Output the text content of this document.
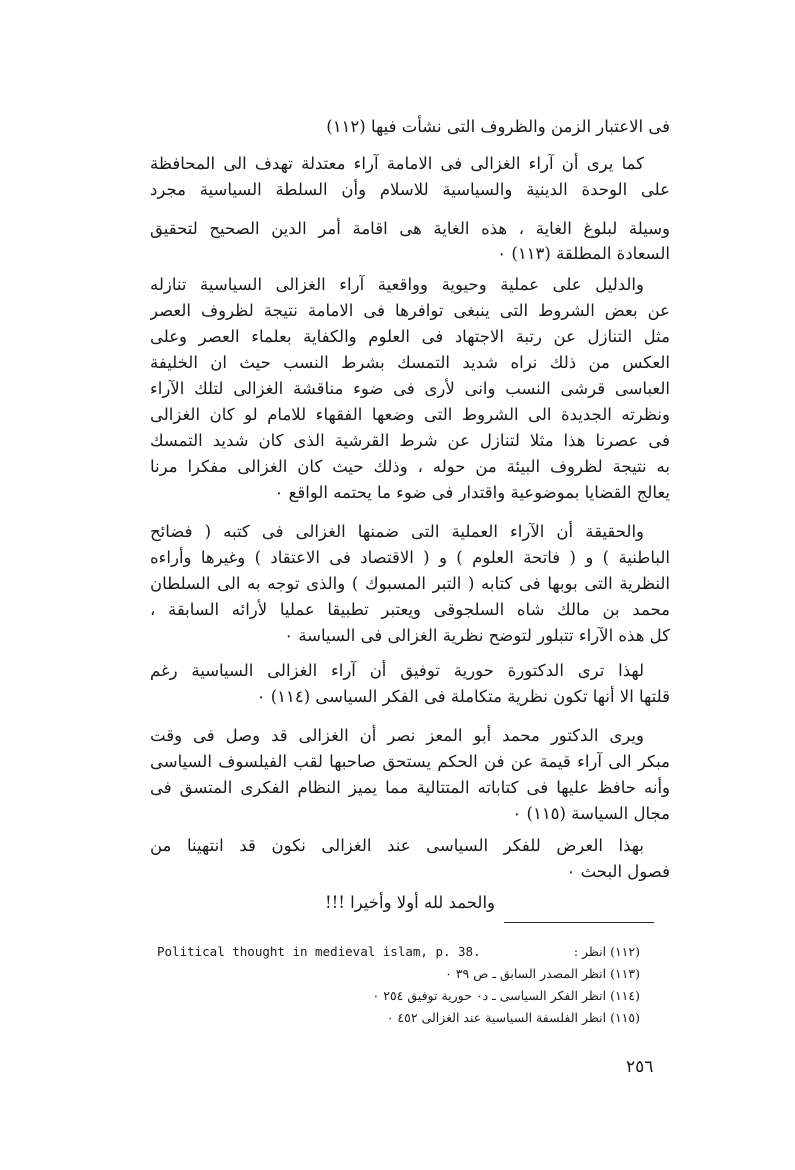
فى الاعتبار الزمن والظروف التى نشأت فيها (١١٢)

كما يرى أن آراء الغزالى فى الامامة آراء معتدلة تهدف الى المحافظة

على الوحدة الدينية والسياسية للاسلام وأن السلطة السياسية مجرد

وسيلة لبلوغ الغاية ، هذه الغاية هى اقامة أمر الدين الصحيح لتحقيق

السعادة المطلقة (١١٣) ٠

والدليل على عملية وحيوية وواقعية آراء الغزالى السياسية تنازله

عن بعض الشروط التى ينبغى توافرها فى الامامة نتيجة لظروف العصر

مثل التنازل عن رتبة الاجتهاد فى العلوم والكفاية بعلماء العصر وعلى

العكس من ذلك نراه شديد التمسك بشرط النسب حيث ان الخليفة

العباسى قرشى النسب وانى لأرى فى ضوء مناقشة الغزالى لتلك الآراء

ونظرته الجديدة الى الشروط التى وضعها الفقهاء للامام لو كان الغزالى

فى عصرنا هذا مثلا لتنازل عن شرط القرشية الذى كان شديد التمسك

به نتيجة لظروف البيئة من حوله ، وذلك حيث كان الغزالى مفكرا مرنا

يعالج القضايا بموضوعية واقتدار فى ضوء ما يحتمه الواقع ٠

والحقيقة أن الآراء العملية التى ضمنها الغزالى فى كتبه ( فضائح

الباطنية ) و ( فاتحة العلوم ) و ( الاقتصاد فى الاعتقاد ) وغيرها وأراءه

النظرية التى بوبها فى كتابه ( التبر المسبوك ) والذى توجه به الى السلطان

محمد بن مالك شاه السلجوقى ويعتبر تطبيقا عمليا لأرائه السابقة ،

كل هذه الآراء تتبلور لتوضح نظرية الغزالى فى السياسة ٠

لهذا ترى الدكتورة حورية توفيق أن آراء الغزالى السياسية رغم

قلتها الا أنها تكون نظرية متكاملة فى الفكر السياسى (١١٤) ٠

ويرى الدكتور محمد أبو المعز نصر أن الغزالى قد وصل فى وقت

مبكر الى آراء قيمة عن فن الحكم يستحق صاحبها لقب الفيلسوف السياسى

وأنه حافظ عليها فى كتاباته المتتالية مما يميز النظام الفكرى المتسق فى

مجال السياسة (١١٥) ٠

بهذا العرض للفكر السياسى عند الغزالى نكون قد انتهينا من

فصول البحث ٠

والحمد لله أولا وأخيرا !!!

Political thought in medieval islam, p. 38.	(١١٢) انظر :
(١١٣) انظر المصدر السابق ـ ص ٣٩ ٠
(١١٤) انظر الفكر السياسى ـ د٠ حورية توفيق ٢٥٤ ٠
(١١٥) انظر الفلسفة السياسية عند الغزالى ٤٥٢ ٠
٢٥٦
